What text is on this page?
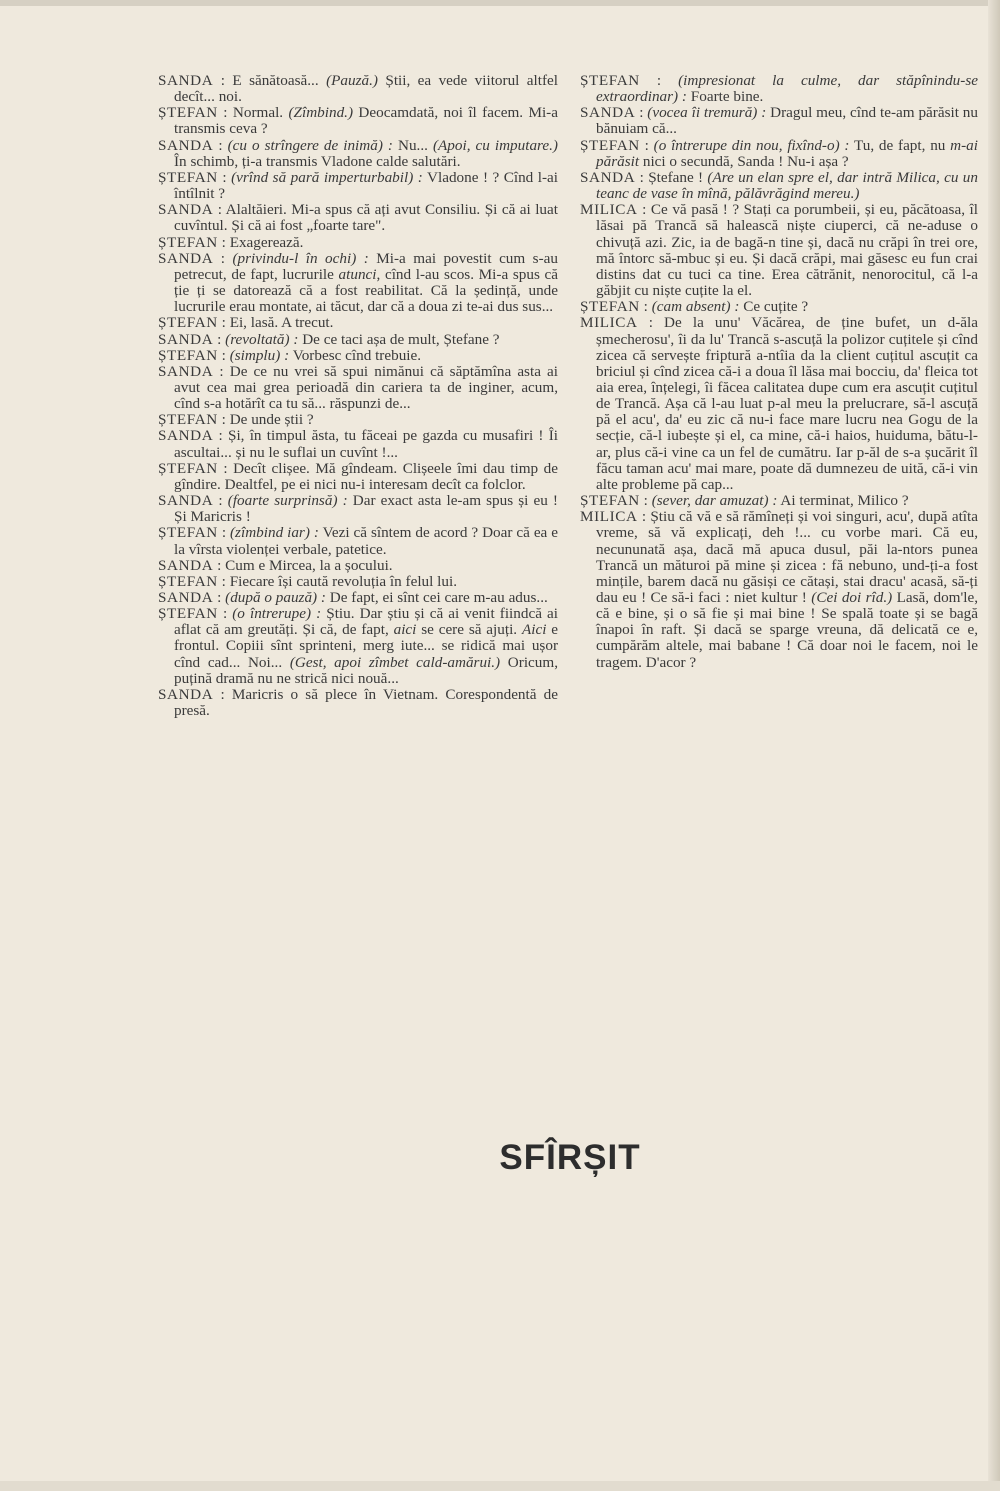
SANDA : E sănătoasă... (Pauză.) Știi, ea vede viitorul altfel decît... noi.

ȘTEFAN : Normal. (Zîmbind.) Deocamdată, noi îl facem. Mi-a transmis ceva ?

SANDA : (cu o strîngere de inimă) : Nu... (Apoi, cu imputare.) În schimb, ți-a transmis Vladone calde salutări.

ȘTEFAN : (vrînd să pară imperturbabil) : Vladone ! ? Cînd l-ai întîlnit ?

SANDA : Alaltăieri. Mi-a spus că ați avut Consiliu. Și că ai luat cuvîntul. Și că ai fost „foarte tare".

ȘTEFAN : Exagerează.

SANDA : (privindu-l în ochi) : Mi-a mai povestit cum s-au petrecut, de fapt, lucrurile atunci, cînd l-au scos. Mi-a spus că ție ți se datorează că a fost reabilitat. Că la ședință, unde lucrurile erau montate, ai tăcut, dar că a doua zi te-ai dus sus...

ȘTEFAN : Ei, lasă. A trecut.

SANDA : (revoltată) : De ce taci așa de mult, Ștefane ?

ȘTEFAN : (simplu) : Vorbesc cînd trebuie.

SANDA : De ce nu vrei să spui nimănui că săptămîna asta ai avut cea mai grea perioadă din cariera ta de inginer, acum, cînd s-a hotărît ca tu să... răspunzi de...

ȘTEFAN : De unde știi ?

SANDA : Și, în timpul ăsta, tu făceai pe gazda cu musafiri ! Îi ascultai... și nu le suflai un cuvînt !...

ȘTEFAN : Decît clișee. Mă gîndeam. Clișeele îmi dau timp de gîndire. Dealtfel, pe ei nici nu-i interesam decît ca folclor.

SANDA : (foarte surprinsă) : Dar exact asta le-am spus și eu ! Și Maricris !

ȘTEFAN : (zîmbind iar) : Vezi că sîntem de acord ? Doar că ea e la vîrsta violenței verbale, patetice.

SANDA : Cum e Mircea, la a șocului.

ȘTEFAN : Fiecare își caută revoluția în felul lui.

SANDA : (după o pauză) : De fapt, ei sînt cei care m-au adus...

ȘTEFAN : (o întrerupe) : Știu. Dar știu și că ai venit fiindcă ai aflat că am greutăți. Și că, de fapt, aici se cere să ajuți. Aici e frontul. Copiii sînt sprinteni, merg iute... se ridică mai ușor cînd cad... Noi... (Gest, apoi zîmbet cald-amărui.) Oricum, puțină dramă nu ne strică nici nouă...

SANDA : Maricris o să plece în Vietnam. Corespondentă de presă.

ȘTEFAN : (impresionat la culme, dar stăpînindu-se extraordinar) : Foarte bine.

SANDA : (vocea îi tremură) : Dragul meu, cînd te-am părăsit nu bănuiam că...

ȘTEFAN : (o întrerupe din nou, fixînd-o) : Tu, de fapt, nu m-ai părăsit nici o secundă, Sanda ! Nu-i așa ?

SANDA : Ștefane ! (Are un elan spre el, dar intră Milica, cu un teanc de vase în mînă, pălăvrăgind mereu.)

MILICA : Ce vă pasă ! ? Stați ca porumbeii, și eu, păcătoasa, îl lăsai pă Trancă să halească niște ciuperci, că ne-aduse o chivuță azi. Zic, ia de bagă-n tine și, dacă nu crăpi în trei ore, mă întorc să-mbuc și eu. Și dacă crăpi, mai găsesc eu fun crai distins dat cu tuci ca tine. Erea cătrănit, nenorocitul, că l-a găbjit cu niște cuțite la el.

ȘTEFAN : (cam absent) : Ce cuțite ?

MILICA : De la unu' Văcărea, de ține bufet, un d-ăla șmecherosu', îi da lu' Trancă s-ascuță la polizor cuțitele și cînd zicea că servește friptură a-ntîia da la client cuțitul ascuțit ca briciul și cînd zicea că-i a doua îl lăsa mai bocciu, da' fleica tot aia erea, înțelegi, îi făcea calitatea dupe cum era ascuțit cuțitul de Trancă. Așa că l-au luat p-al meu la prelucrare, să-l ascuță pă el acu', da' eu zic că nu-i face mare lucru nea Gogu de la secție, că-l iubește și el, ca mine, că-i haios, huiduma, bătu-l-ar, plus că-i vine ca un fel de cumătru. Iar p-ăl de s-a șucărit îl făcu taman acu' mai mare, poate dă dumnezeu de uită, că-i vin alte probleme pă cap...

ȘTEFAN : (sever, dar amuzat) : Ai terminat, Milico ?

MILICA : Știu că vă e să rămîneți și voi singuri, acu', după atîta vreme, să vă explicați, deh !... cu vorbe mari. Că eu, necununată așa, dacă mă apuca dusul, păi la-ntors punea Trancă un măturoi pă mine și zicea : fă nebuno, und-ți-a fost mințile, barem dacă nu găsiși ce cătași, stai dracu' acasă, să-ți dau eu ! Ce să-i faci : niet kultur ! (Cei doi rîd.) Lasă, dom'le, că e bine, și o să fie și mai bine ! Se spală toate și se bagă înapoi în raft. Și dacă se sparge vreuna, dă delicată ce e, cumpărăm altele, mai babane ! Că doar noi le facem, noi le tragem. D'acor ?

SFÎRȘIT
